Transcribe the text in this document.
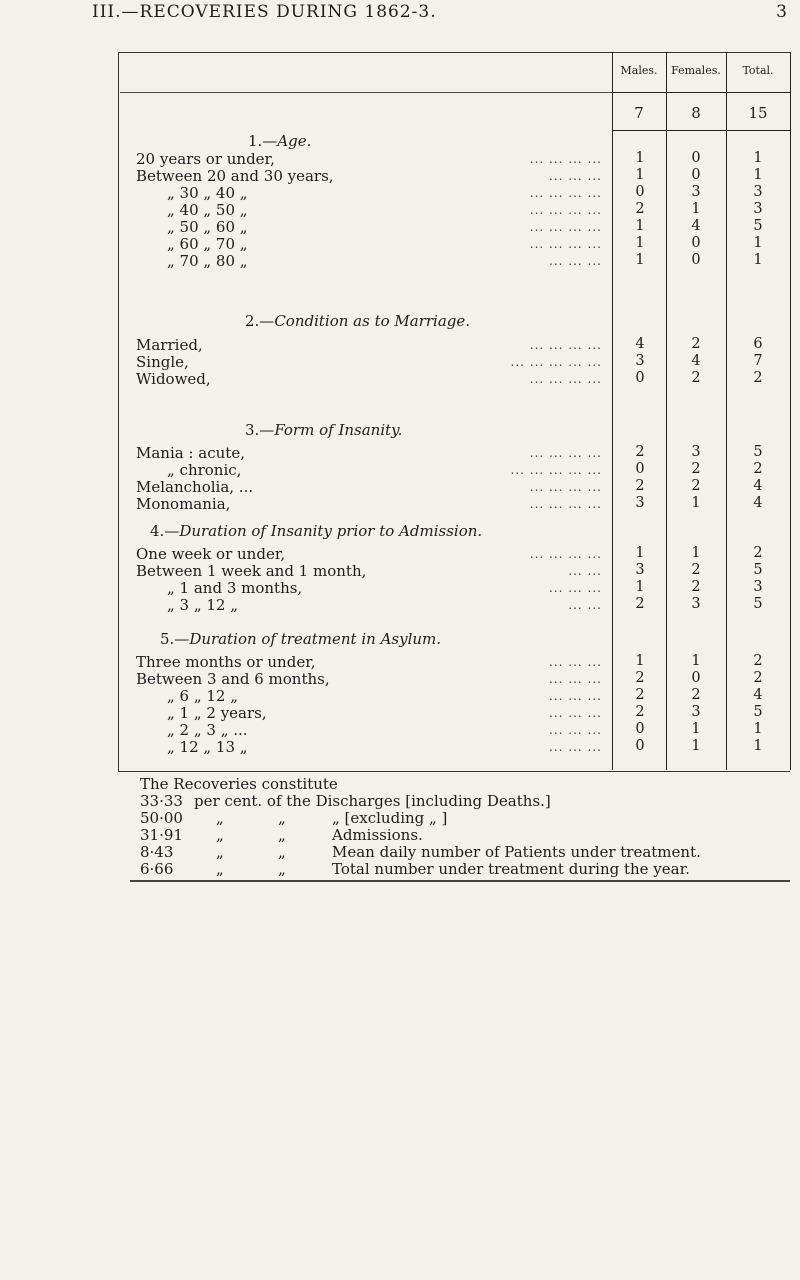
III.—RECOVERIES DURING 1862-3.	3
Males.	Females.	Total.
7	8	15
1.—Age.
20 years or under,	... ... ... ...	1	0	1
Between 20 and 30 years,	... ... ...	1	0	1
„ 30 „ 40 „	... ... ... ...	0	3	3
„ 40 „ 50 „	... ... ... ...	2	1	3
„ 50 „ 60 „	... ... ... ...	1	4	5
„ 60 „ 70 „	... ... ... ...	1	0	1
„ 70 „ 80 „	... ... ...	1	0	1
2.—Condition as to Marriage.
Married,	... ... ... ...	4	2	6
Single,	... ... ... ... ...	3	4	7
Widowed,	... ... ... ...	0	2	2
3.—Form of Insanity.
Mania : acute,	... ... ... ...	2	3	5
„ chronic,	... ... ... ... ...	0	2	2
Melancholia, ...	... ... ... ...	2	2	4
Monomania,	... ... ... ...	3	1	4
4.—Duration of Insanity prior to Admission.
One week or under,	... ... ... ...	1	1	2
Between 1 week and 1 month,	... ...	3	2	5
„ 1 and 3 months,	... ... ...	1	2	3
„ 3 „ 12 „	... ...	2	3	5
5.—Duration of treatment in Asylum.
Three months or under,	... ... ...	1	1	2
Between 3 and 6 months,	... ... ...	2	0	2
„ 6 „ 12 „	... ... ...	2	2	4
„ 1 „ 2 years,	... ... ...	2	3	5
„ 2 „ 3 „ ...	... ... ...	0	1	1
„ 12 „ 13 „	... ... ...	0	1	1
The Recoveries constitute
33·33 per cent. of the Discharges [including Deaths.]
50·00 „	„	„ [excluding „ ]
31·91 „	„	Admissions.
8·43	„	„	Mean daily number of Patients under treatment.
6·66	„	„	Total number under treatment during the year.
